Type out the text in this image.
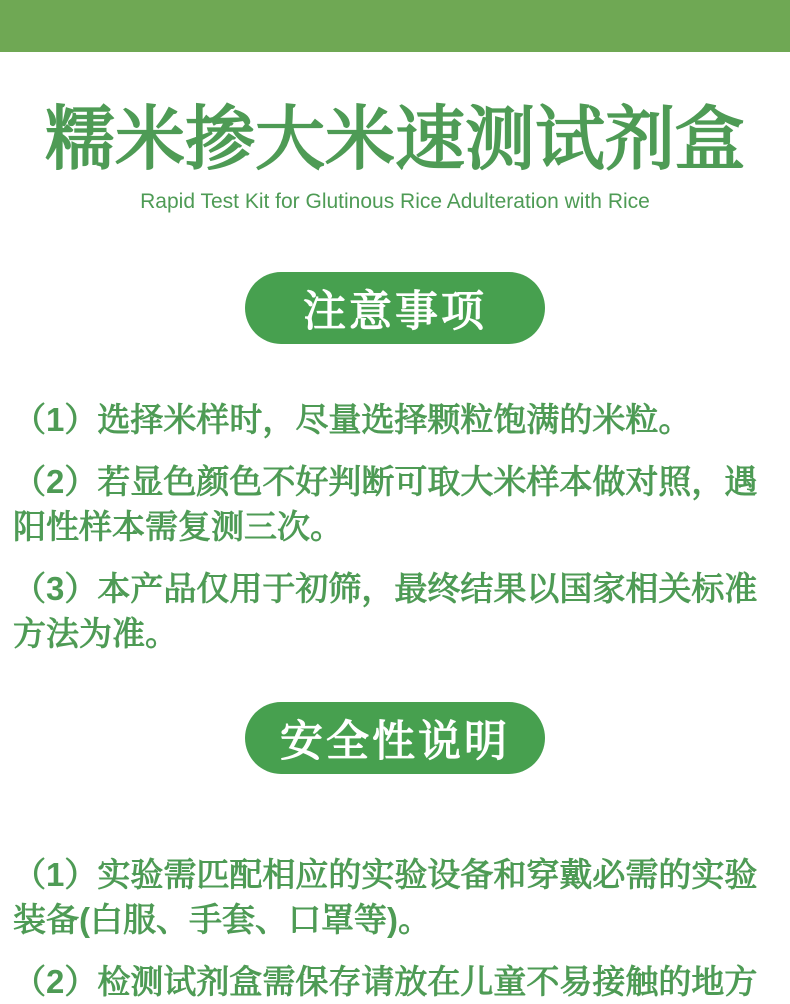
糯米掺大米速测试剂盒
Rapid Test Kit for Glutinous Rice Adulteration with Rice
注意事项

（1）选择米样时，尽量选择颗粒饱满的米粒。

（2）若显色颜色不好判断可取大米样本做对照，遇阳性样本需复测三次。

（3）本产品仅用于初筛，最终结果以国家相关标准方法为准。

安全性说明

（1）实验需匹配相应的实验设备和穿戴必需的实验装备(白服、手套、口罩等)。

（2）检测试剂盒需保存请放在儿童不易接触的地方
